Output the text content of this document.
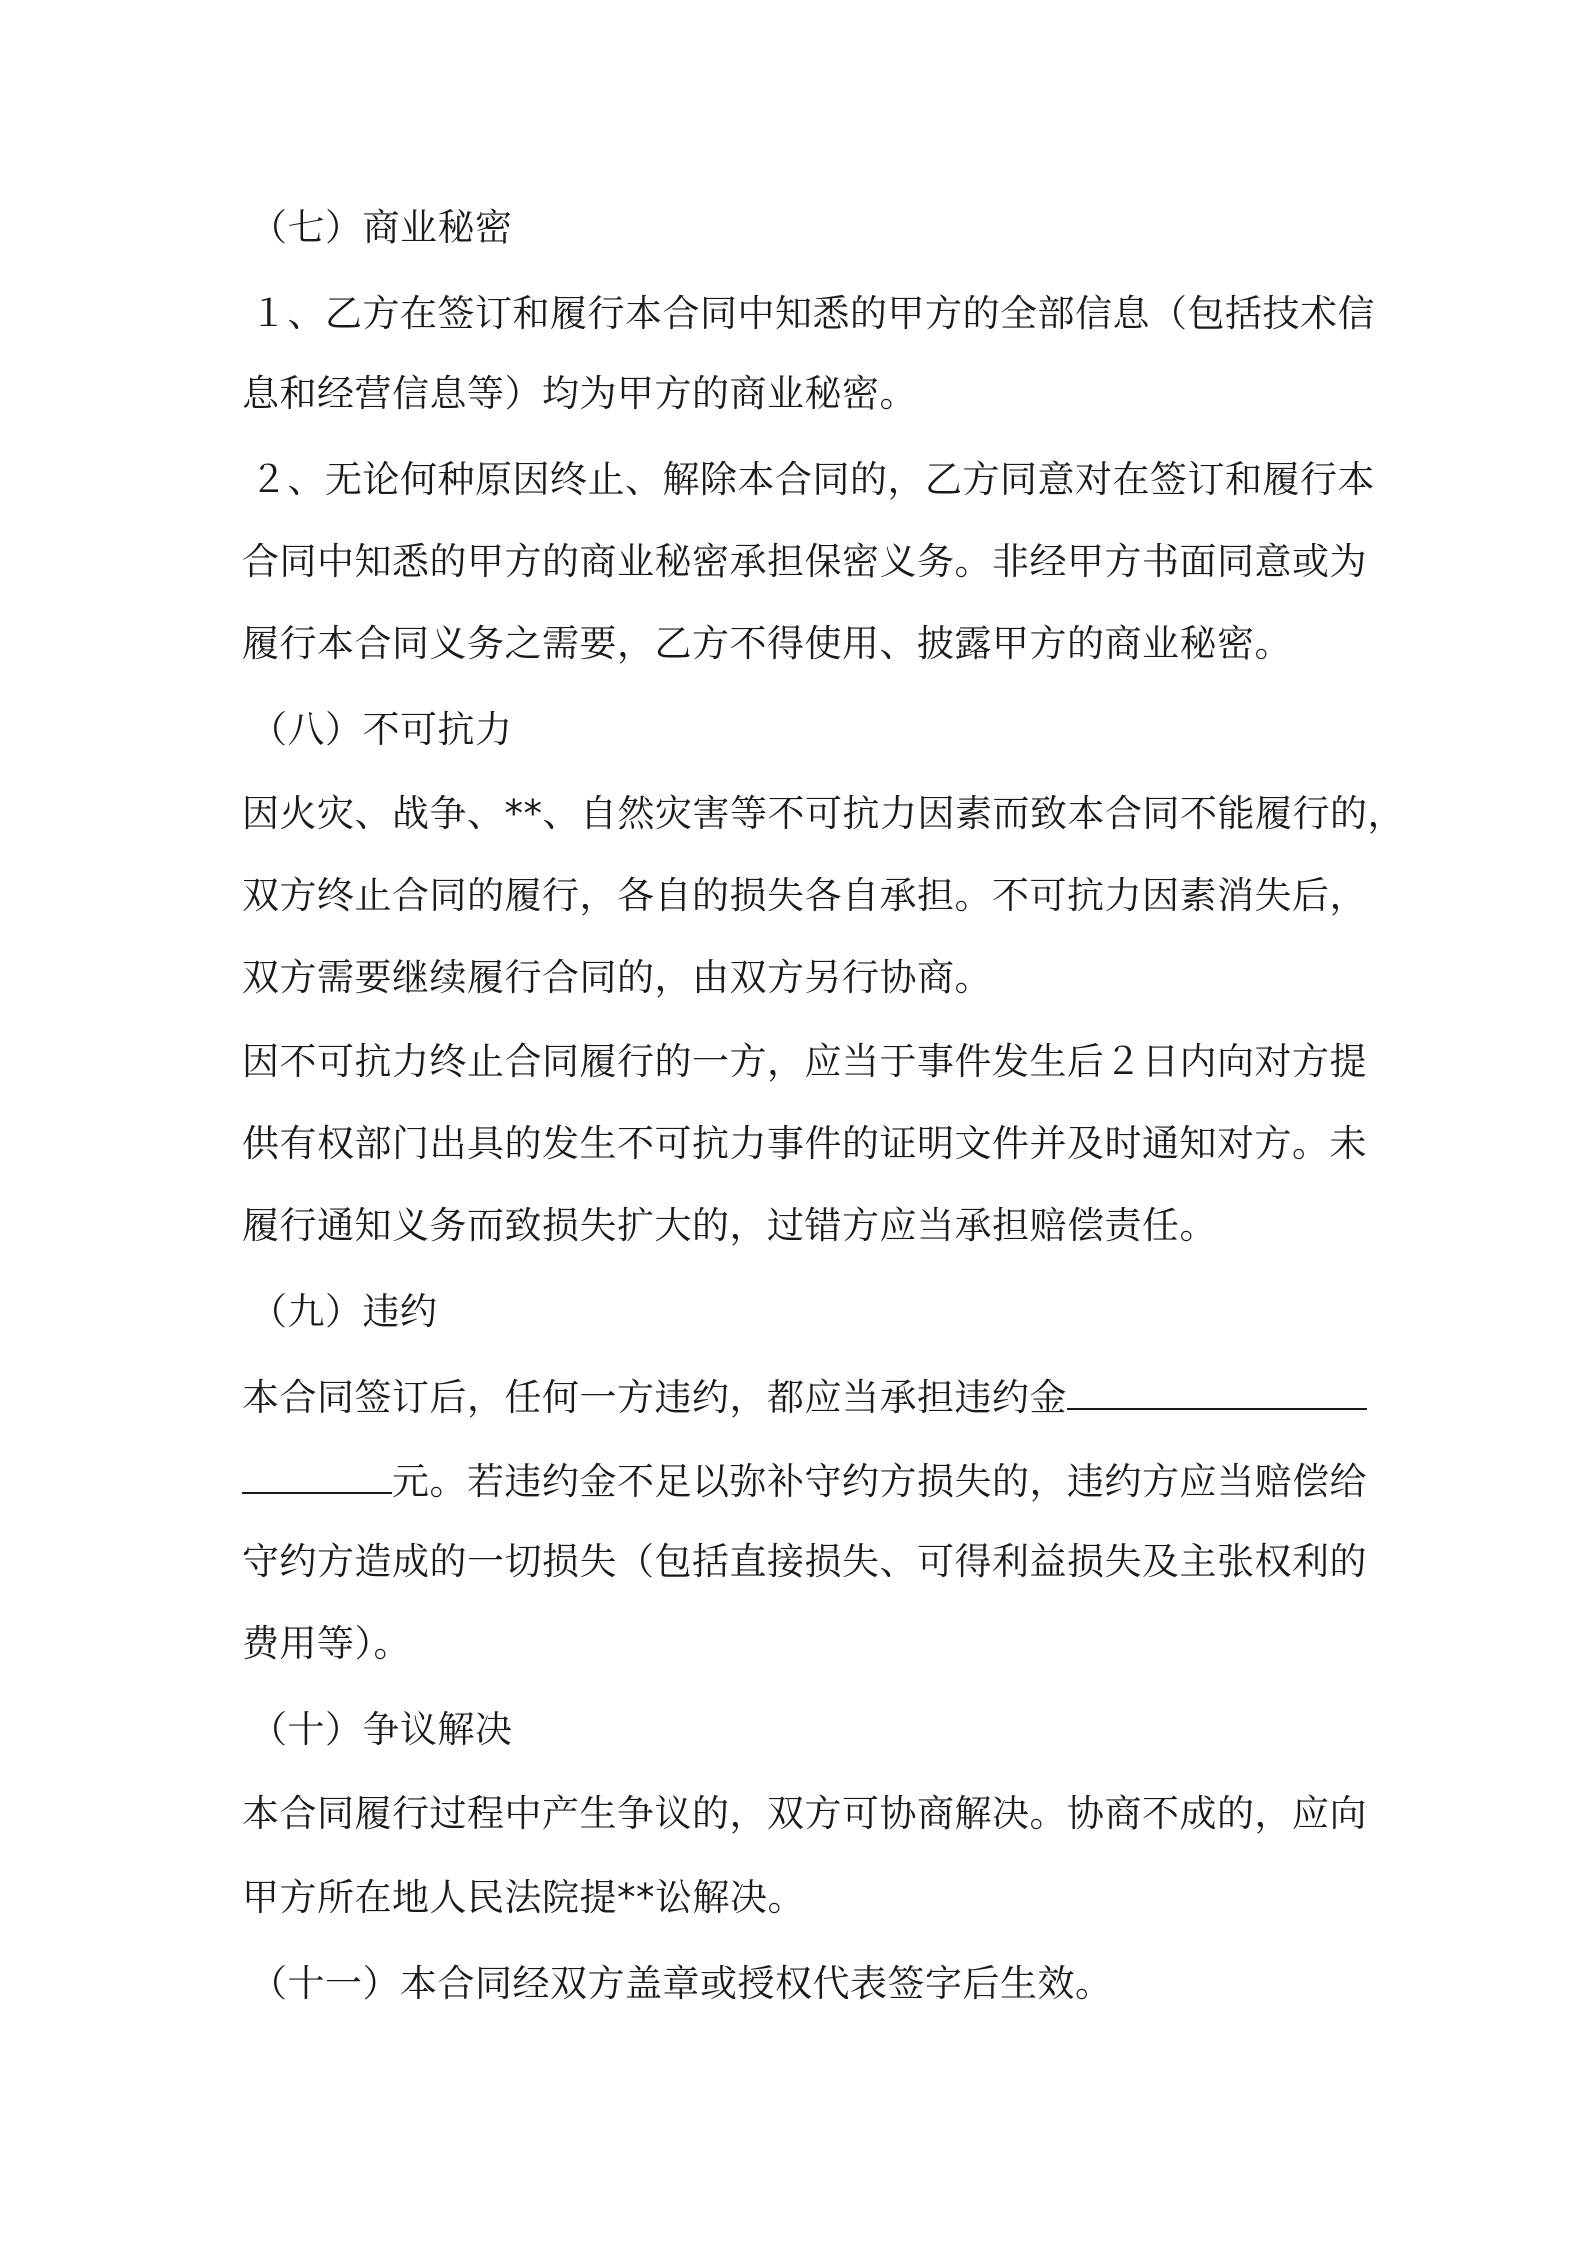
（七）商业秘密
１、乙方在签订和履行本合同中知悉的甲方的全部信息（包括技术信
息和经营信息等）均为甲方的商业秘密。
２、无论何种原因终止、解除本合同的，乙方同意对在签订和履行本
合同中知悉的甲方的商业秘密承担保密义务。非经甲方书面同意或为
履行本合同义务之需要，乙方不得使用、披露甲方的商业秘密。
（八）不可抗力
因火灾、战争、**、自然灾害等不可抗力因素而致本合同不能履行的，
双方终止合同的履行，各自的损失各自承担。不可抗力因素消失后，
双方需要继续履行合同的，由双方另行协商。
因不可抗力终止合同履行的一方，应当于事件发生后２日内向对方提
供有权部门出具的发生不可抗力事件的证明文件并及时通知对方。未
履行通知义务而致损失扩大的，过错方应当承担赔偿责任。
（九）违约
本合同签订后，任何一方违约，都应当承担违约金
元。若违约金不足以弥补守约方损失的，违约方应当赔偿给
守约方造成的一切损失（包括直接损失、可得利益损失及主张权利的
费用等）。
（十）争议解决
本合同履行过程中产生争议的，双方可协商解决。协商不成的，应向
甲方所在地人民法院提**讼解决。
（十一）本合同经双方盖章或授权代表签字后生效。
